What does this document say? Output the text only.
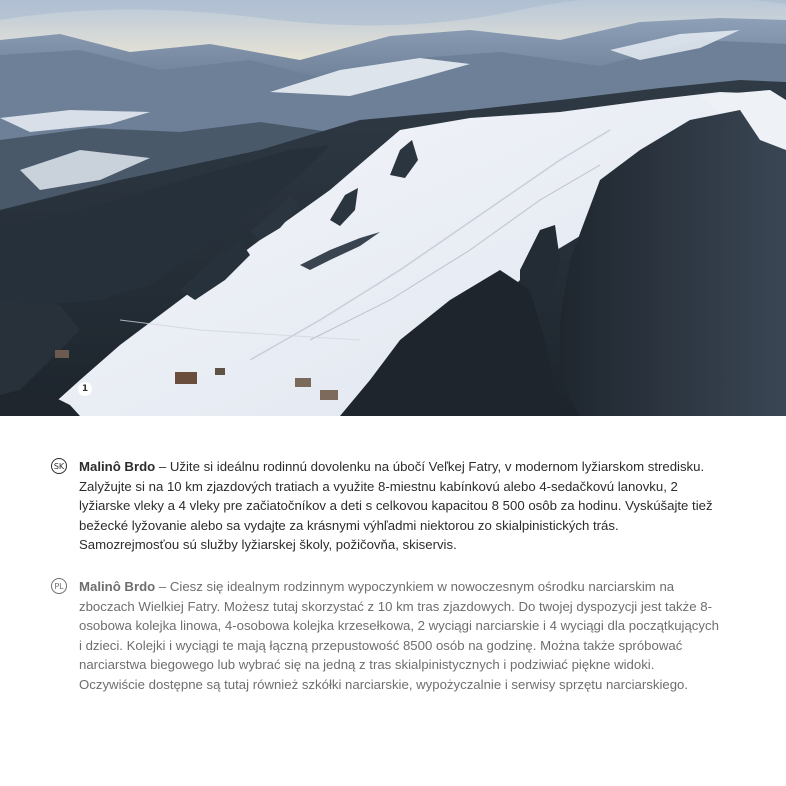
1
SK Malinô Brdo – Užite si ideálnu rodinnú dovolenku na úbočí Veľkej Fatry, v modernom lyžiarskom stredisku. Zalyžujte si na 10 km zjazdových tratiach a využite 8-miestnu kabínkovú alebo 4-sedačkovú lanovku, 2 lyžiarske vleky a 4 vleky pre začiatočníkov a deti s celkovou kapacitou 8 500 osôb za hodinu. Vyskúšajte tiež bežecké lyžovanie alebo sa vydajte za krásnymi výhľadmi niektorou zo skialpinistických trás. Samozrejmosťou sú služby lyžiarskej školy, požičovňa, skiservis.

PL Malinô Brdo – Ciesz się idealnym rodzinnym wypoczynkiem w nowoczesnym ośrodku narciarskim na zboczach Wielkiej Fatry. Możesz tutaj skorzystać z 10 km tras zjazdowych. Do twojej dyspozycji jest także 8-osobowa kolejka linowa, 4-osobowa kolejka krzesełkowa, 2 wyciągi narciarskie i 4 wyciągi dla początkujących i dzieci. Kolejki i wyciągi te mają łączną przepustowość 8500 osób na godzinę. Można także spróbować narciarstwa biegowego lub wybrać się na jedną z tras skialpinistycznych i podziwiać piękne widoki. Oczywiście dostępne są tutaj również szkółki narciarskie, wypożyczalnie i serwisy sprzętu narciarskiego.
